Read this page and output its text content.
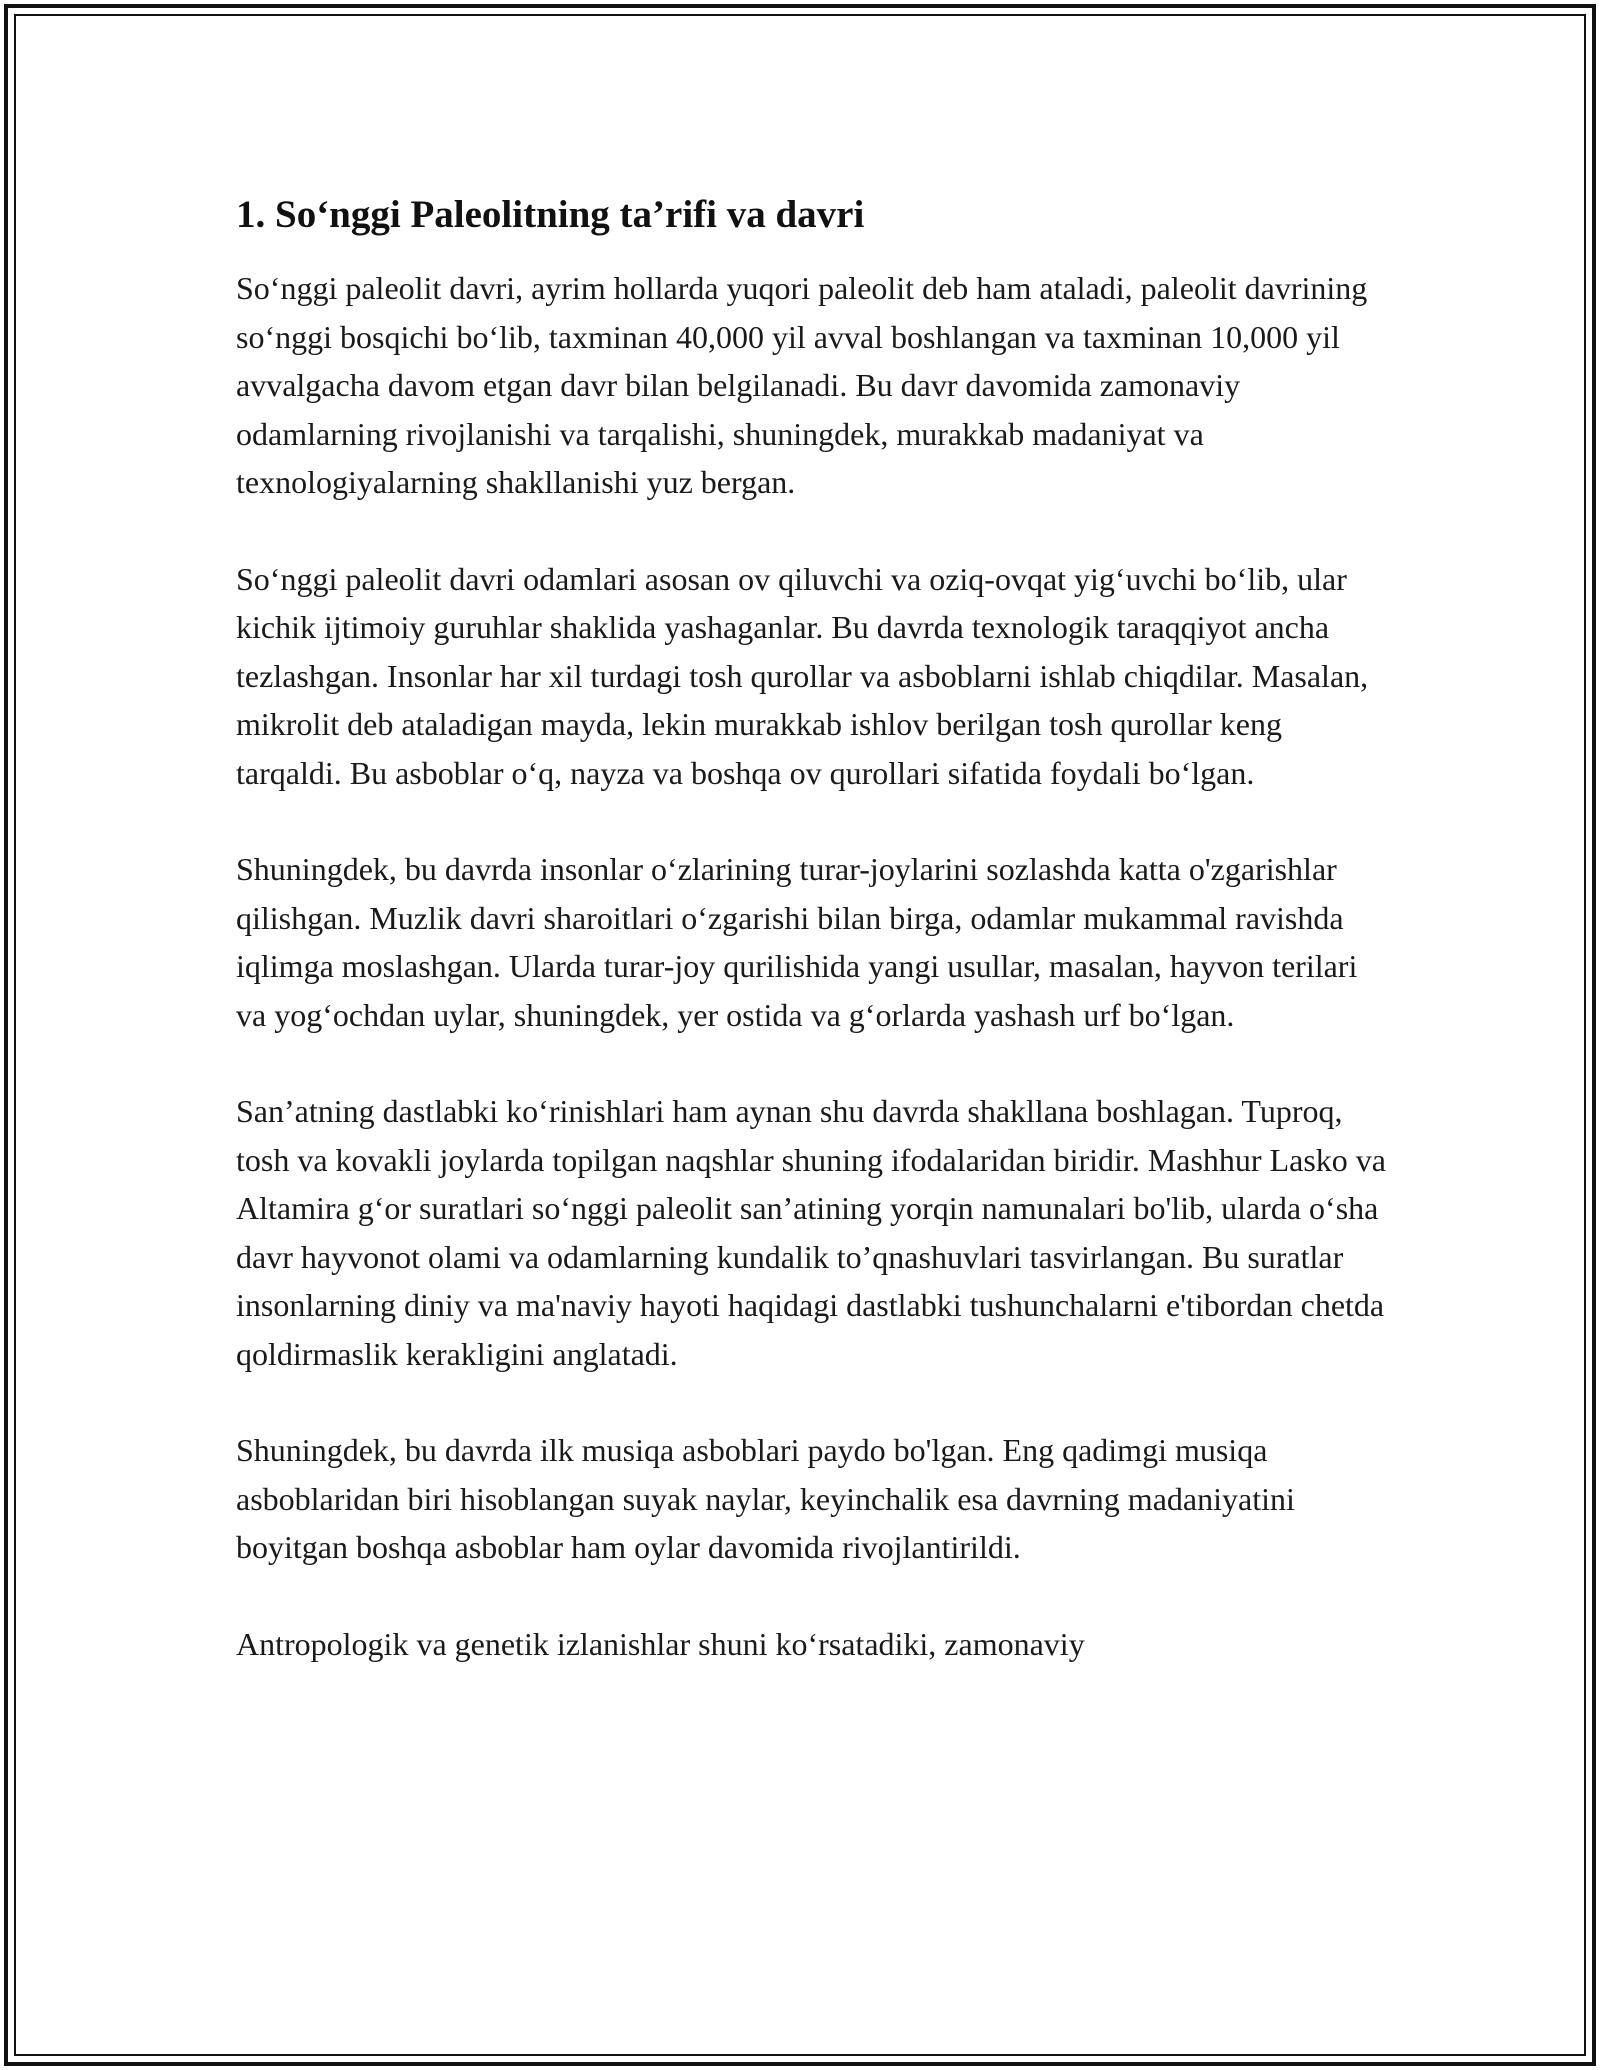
1. So‘nggi Paleolitning ta’rifi va davri

So‘nggi paleolit davri, ayrim hollarda yuqori paleolit deb ham ataladi, paleolit davrining so‘nggi bosqichi bo‘lib, taxminan 40,000 yil avval boshlangan va taxminan 10,000 yil avvalgacha davom etgan davr bilan belgilanadi. Bu davr davomida zamonaviy odamlarning rivojlanishi va tarqalishi, shuningdek, murakkab madaniyat va texnologiyalarning shakllanishi yuz bergan.

So‘nggi paleolit davri odamlari asosan ov qiluvchi va oziq-ovqat yig‘uvchi bo‘lib, ular kichik ijtimoiy guruhlar shaklida yashaganlar. Bu davrda texnologik taraqqiyot ancha tezlashgan. Insonlar har xil turdagi tosh qurollar va asboblarni ishlab chiqdilar. Masalan, mikrolit deb ataladigan mayda, lekin murakkab ishlov berilgan tosh qurollar keng tarqaldi. Bu asboblar o‘q, nayza va boshqa ov qurollari sifatida foydali bo‘lgan.

Shuningdek, bu davrda insonlar o‘zlarining turar-joylarini sozlashda katta o'zgarishlar qilishgan. Muzlik davri sharoitlari o‘zgarishi bilan birga, odamlar mukammal ravishda iqlimga moslashgan. Ularda turar-joy qurilishida yangi usullar, masalan, hayvon terilari va yog‘ochdan uylar, shuningdek, yer ostida va g‘orlarda yashash urf bo‘lgan.

San’atning dastlabki ko‘rinishlari ham aynan shu davrda shakllana boshlagan. Tuproq, tosh va kovakli joylarda topilgan naqshlar shuning ifodalaridan biridir. Mashhur Lasko va Altamira g‘or suratlari so‘nggi paleolit san’atining yorqin namunalari bo'lib, ularda o‘sha davr hayvonot olami va odamlarning kundalik to’qnashuvlari tasvirlangan. Bu suratlar insonlarning diniy va ma'naviy hayoti haqidagi dastlabki tushunchalarni e'tibordan chetda qoldirmaslik kerakligini anglatadi.

Shuningdek, bu davrda ilk musiqa asboblari paydo bo'lgan. Eng qadimgi musiqa asboblaridan biri hisoblangan suyak naylar, keyinchalik esa davrning madaniyatini boyitgan boshqa asboblar ham oylar davomida rivojlantirildi.

Antropologik va genetik izlanishlar shuni ko‘rsatadiki, zamonaviy
